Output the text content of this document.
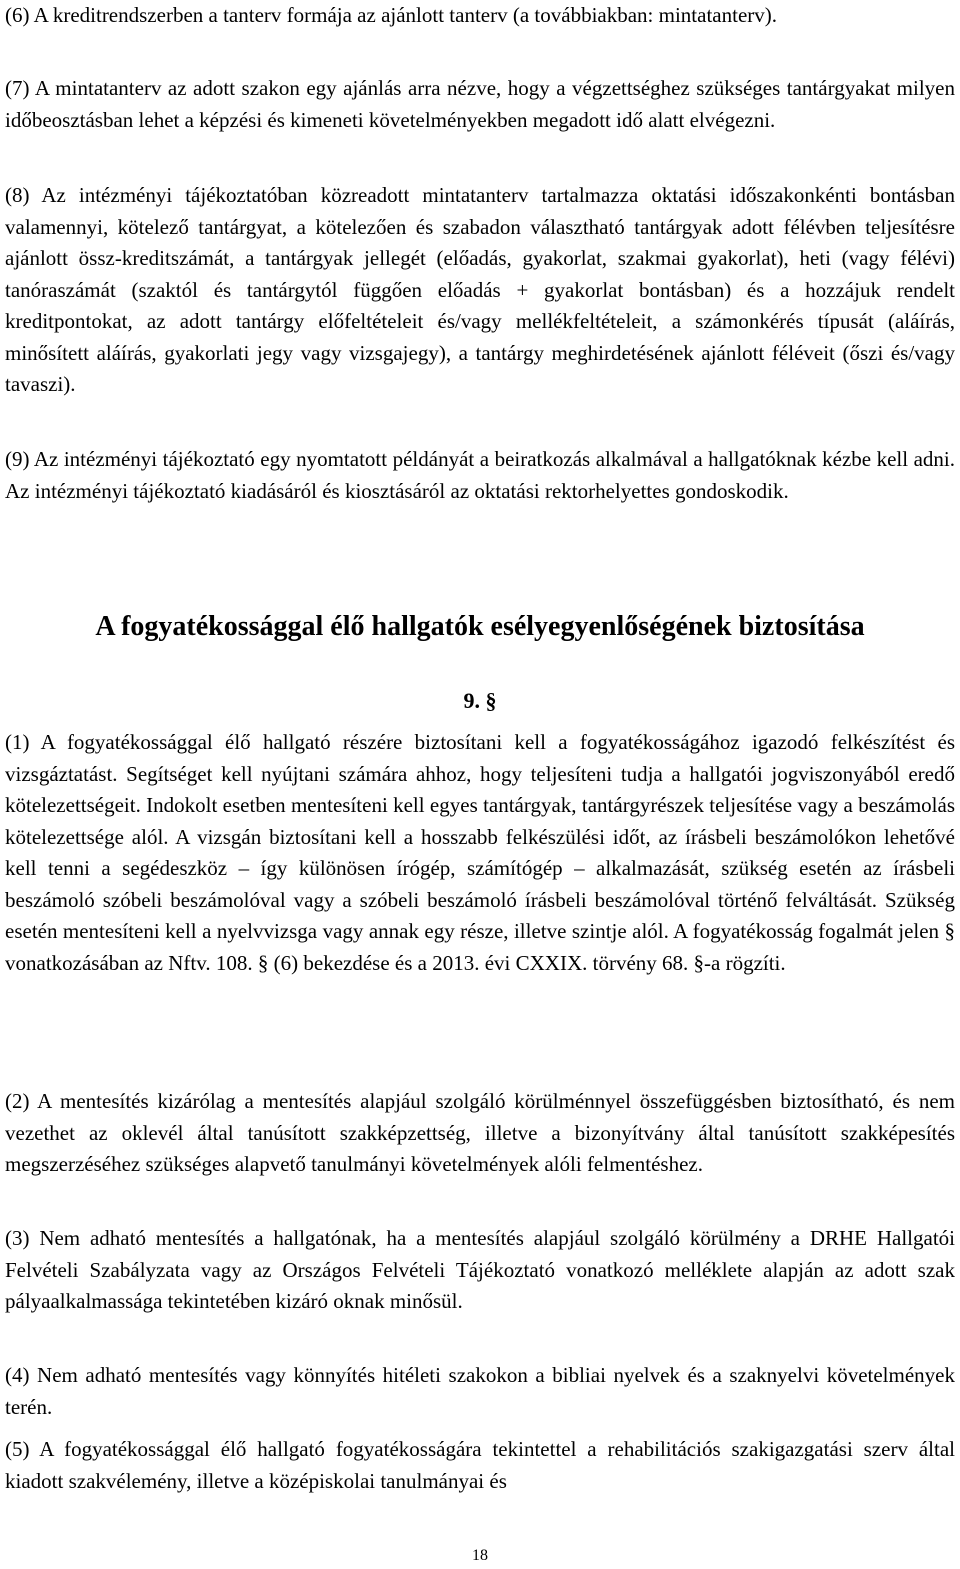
(6) A kreditrendszerben a tanterv formája az ajánlott tanterv (a továbbiakban: mintatanterv).

(7) A mintatanterv az adott szakon egy ajánlás arra nézve, hogy a végzettséghez szükséges tantárgyakat milyen időbeosztásban lehet a képzési és kimeneti követelményekben megadott idő alatt elvégezni.

(8) Az intézményi tájékoztatóban közreadott mintatanterv tartalmazza oktatási időszakonkénti bontásban valamennyi, kötelező tantárgyat, a kötelezően és szabadon választható tantárgyak adott félévben teljesítésre ajánlott össz-kreditszámát, a tantárgyak jellegét (előadás, gyakorlat, szakmai gyakorlat), heti (vagy félévi) tanóraszámát (szaktól és tantárgytól függően előadás + gyakorlat bontásban) és a hozzájuk rendelt kreditpontokat, az adott tantárgy előfeltételeit és/vagy mellékfeltételeit, a számonkérés típusát (aláírás, minősített aláírás, gyakorlati jegy vagy vizsgajegy), a tantárgy meghirdetésének ajánlott féléveit (őszi és/vagy tavaszi).

(9) Az intézményi tájékoztató egy nyomtatott példányát a beiratkozás alkalmával a hallgatóknak kézbe kell adni. Az intézményi tájékoztató kiadásáról és kiosztásáról az oktatási rektorhelyettes gondoskodik.

A fogyatékossággal élő hallgatók esélyegyenlőségének biztosítása

9. §

(1) A fogyatékossággal élő hallgató részére biztosítani kell a fogyatékosságához igazodó felkészítést és vizsgáztatást. Segítséget kell nyújtani számára ahhoz, hogy teljesíteni tudja a hallgatói jogviszonyából eredő kötelezettségeit. Indokolt esetben mentesíteni kell egyes tantárgyak, tantárgyrészek teljesítése vagy a beszámolás kötelezettsége alól. A vizsgán biztosítani kell a hosszabb felkészülési időt, az írásbeli beszámolókon lehetővé kell tenni a segédeszköz – így különösen írógép, számítógép – alkalmazását, szükség esetén az írásbeli beszámoló szóbeli beszámolóval vagy a szóbeli beszámoló írásbeli beszámolóval történő felváltását. Szükség esetén mentesíteni kell a nyelvvizsga vagy annak egy része, illetve szintje alól. A fogyatékosság fogalmát jelen § vonatkozásában az Nftv. 108. § (6) bekezdése és a 2013. évi CXXIX. törvény 68. §-a rögzíti.

(2) A mentesítés kizárólag a mentesítés alapjául szolgáló körülménnyel összefüggésben biztosítható, és nem vezethet az oklevél által tanúsított szakképzettség, illetve a bizonyítvány által tanúsított szakképesítés megszerzéséhez szükséges alapvető tanulmányi követelmények alóli felmentéshez.

(3) Nem adható mentesítés a hallgatónak, ha a mentesítés alapjául szolgáló körülmény a DRHE Hallgatói Felvételi Szabályzata vagy az Országos Felvételi Tájékoztató vonatkozó melléklete alapján az adott szak pályaalkalmassága tekintetében kizáró oknak minősül.

(4) Nem adható mentesítés vagy könnyítés hitéleti szakokon a bibliai nyelvek és a szaknyelvi követelmények terén.

(5) A fogyatékossággal élő hallgató fogyatékosságára tekintettel a rehabilitációs szakigazgatási szerv által kiadott szakvélemény, illetve a középiskolai tanulmányai és

18
